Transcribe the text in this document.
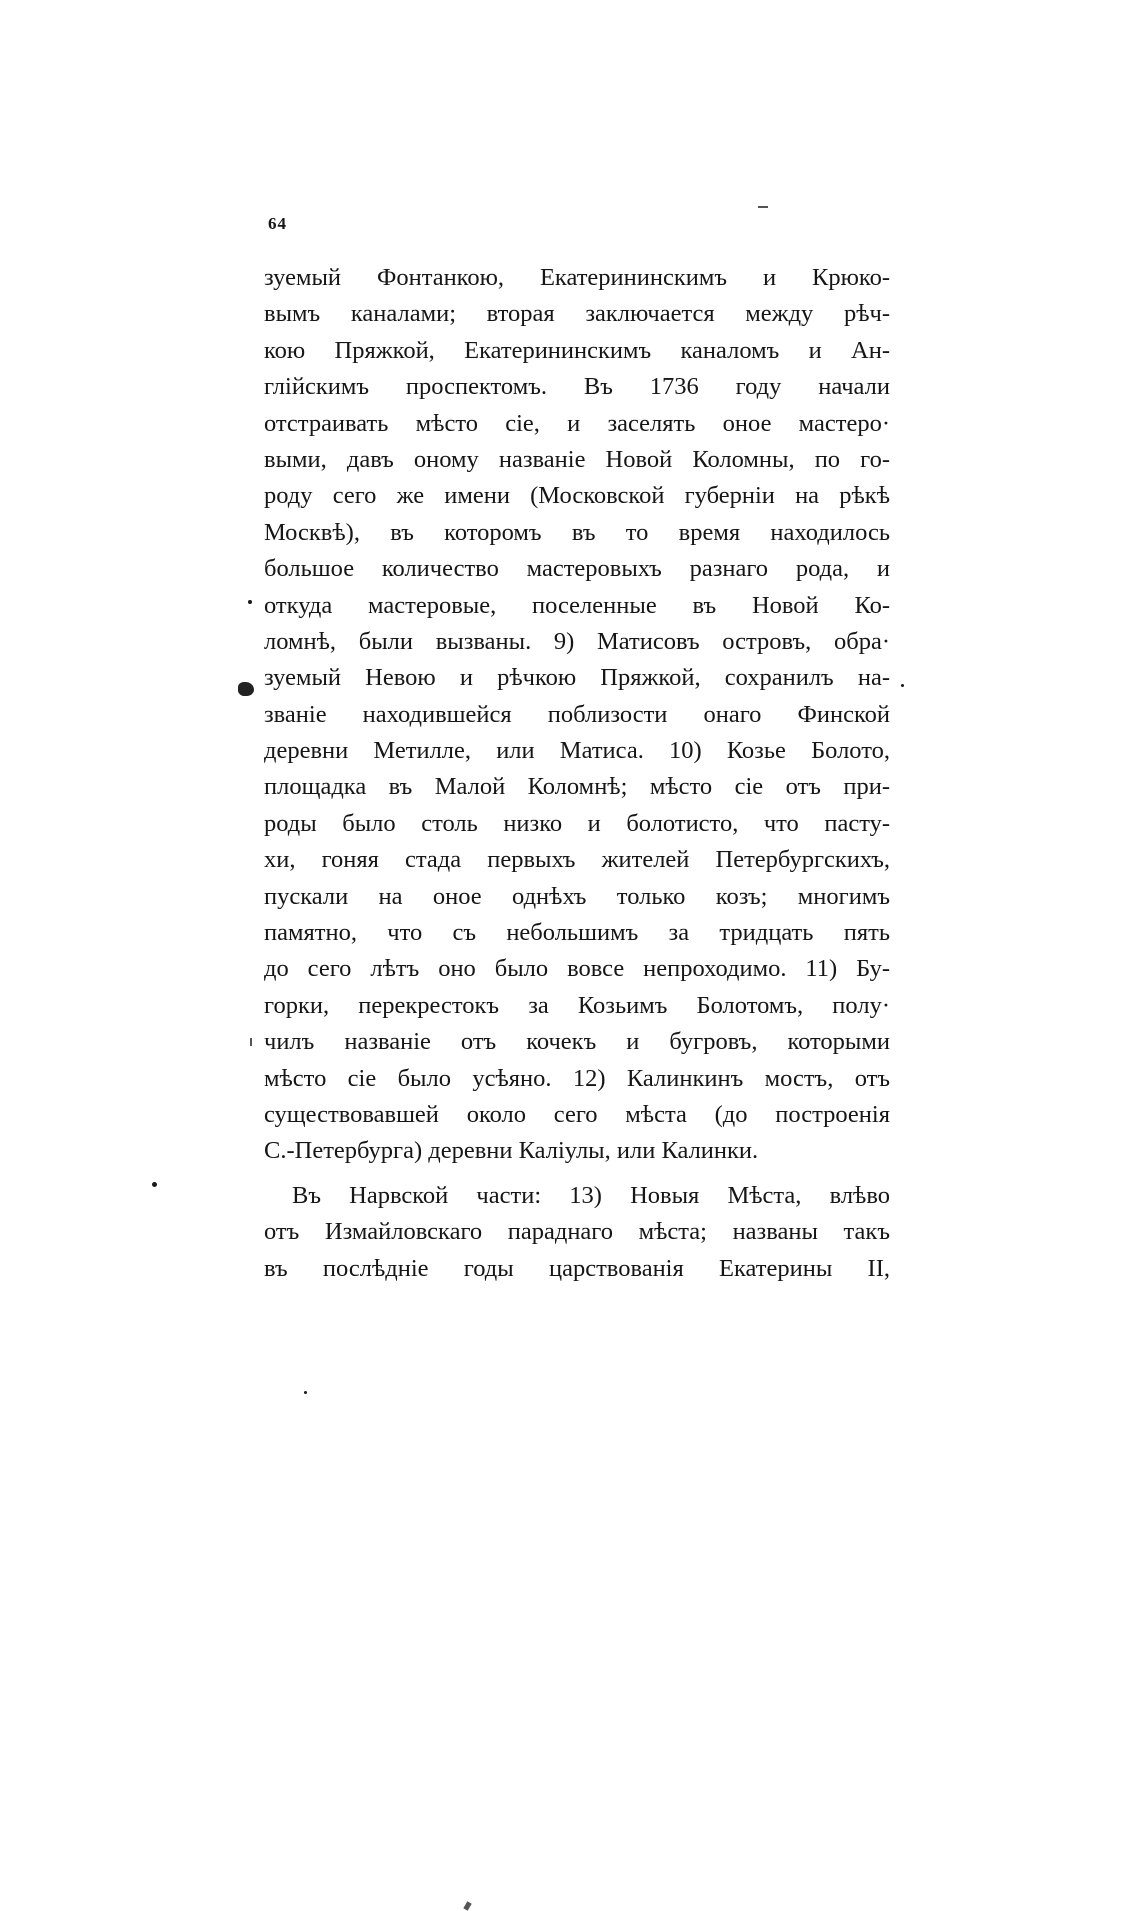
64
зуемый Фонтанкою, Екатерининскимъ и Крюко-
вымъ каналами; вторая заключается между рѣч-
кою Пряжкой, Екатерининскимъ каналомъ и Ан-
глійскимъ проспектомъ. Въ 1736 году начали
отстраивать мѣсто сіе, и заселять оное мастеро·
выми, давъ оному названіе Новой Коломны, по го-
роду сего же имени (Московской губерніи на рѣкѣ
Москвѣ), въ которомъ въ то время находилось
большое количество мастеровыхъ разнаго рода, и
откуда мастеровые, поселенные въ Новой Ко-
ломнѣ, были вызваны. 9) Матисовъ островъ, обра·
зуемый Невою и рѣчкою Пряжкой, сохранилъ на-
званіе находившейся поблизости онаго Финской
деревни Метилле, или Матиса. 10) Козье Болото,
площадка въ Малой Коломнѣ; мѣсто сіе отъ при-
роды было столь низко и болотисто, что пасту-
хи, гоняя стада первыхъ жителей Петербургскихъ,
пускали на оное однѣхъ только козъ; многимъ
памятно, что съ небольшимъ за тридцать пять
до сего лѣтъ оно было вовсе непроходимо. 11) Бу-
горки, перекрестокъ за Козьимъ Болотомъ, полу·
чилъ названіе отъ кочекъ и бугровъ, которыми
мѣсто сіе было усѣяно. 12) Калинкинъ мостъ, отъ
существовавшей около сего мѣста (до построенія
С.-Петербурга) деревни Каліулы, или Калинки.
Въ Нарвской части: 13) Новыя Мѣста, влѣво
отъ Измайловскаго параднаго мѣста; названы такъ
въ послѣдніе годы царствованія Екатерины II,
